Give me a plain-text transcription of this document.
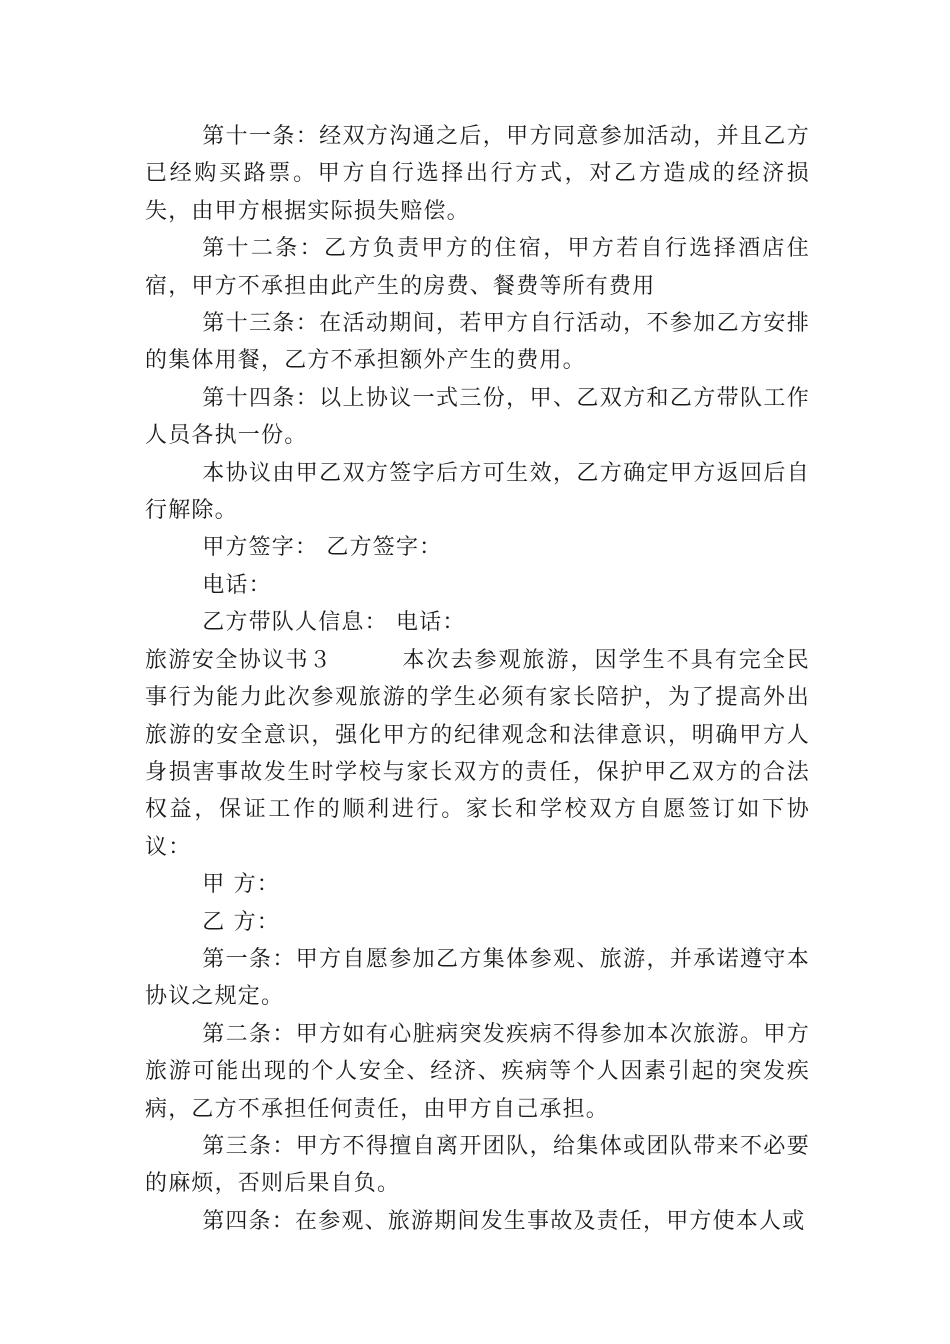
第十一条：经双方沟通之后，甲方同意参加活动，并且乙方已经购买路票。甲方自行选择出行方式，对乙方造成的经济损失，由甲方根据实际损失赔偿。

第十二条：乙方负责甲方的住宿，甲方若自行选择酒店住宿，甲方不承担由此产生的房费、餐费等所有费用

第十三条：在活动期间，若甲方自行活动，不参加乙方安排的集体用餐，乙方不承担额外产生的费用。

第十四条：以上协议一式三份，甲、乙双方和乙方带队工作人员各执一份。

本协议由甲乙双方签字后方可生效，乙方确定甲方返回后自行解除。

甲方签字： 乙方签字：

电话：

乙方带队人信息： 电话：

旅游安全协议书３	本次去参观旅游，因学生不具有完全民事行为能力此次参观旅游的学生必须有家长陪护，为了提高外出旅游的安全意识，强化甲方的纪律观念和法律意识，明确甲方人身损害事故发生时学校与家长双方的责任，保护甲乙双方的合法权益，保证工作的顺利进行。家长和学校双方自愿签订如下协议：

甲 方：

乙 方：

第一条：甲方自愿参加乙方集体参观、旅游，并承诺遵守本协议之规定。

第二条：甲方如有心脏病突发疾病不得参加本次旅游。甲方旅游可能出现的个人安全、经济、疾病等个人因素引起的突发疾病，乙方不承担任何责任，由甲方自己承担。

第三条：甲方不得擅自离开团队，给集体或团队带来不必要的麻烦，否则后果自负。

第四条：在参观、旅游期间发生事故及责任，甲方使本人或
